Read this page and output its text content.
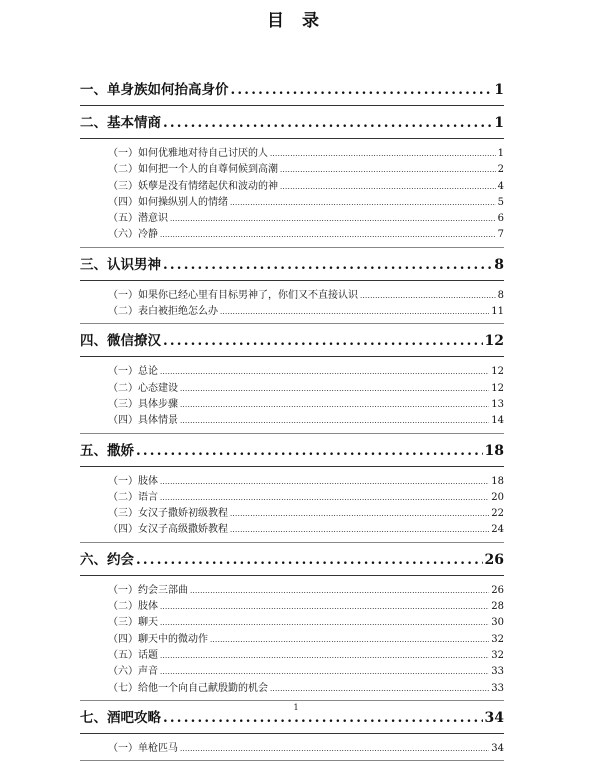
目 录
一、单身族如何抬高身价 .....	1
二、基本情商 .....	1
（一）如何优雅地对待自己讨厌的人 .....	1
（二）如何把一个人的自尊伺候到高潮 .....	2
（三）妖孽是没有情绪起伏和波动的神 .....	4
（四）如何操纵别人的情绪 .....	5
（五）潜意识 .....	6
（六）冷静 .....	7
三、认识男神 .....	8
（一）如果你已经心里有目标男神了，你们又不直接认识 .....	8
（二）表白被拒绝怎么办 .....	11
四、微信撩汉 .....	12
（一）总论 .....	12
（二）心态建设 .....	12
（三）具体步骤 .....	13
（四）具体情景 .....	14
五、撒娇 .....	18
（一）肢体 .....	18
（二）语言 .....	20
（三）女汉子撒娇初级教程 .....	22
（四）女汉子高级撒娇教程 .....	24
六、约会 .....	26
（一）约会三部曲 .....	26
（二）肢体 .....	28
（三）聊天 .....	30
（四）聊天中的微动作 .....	32
（五）话题 .....	32
（六）声音 .....	33
（七）给他一个向自己献殷勤的机会 .....	33
七、酒吧攻略 .....	34
（一）单枪匹马 .....	34
1
